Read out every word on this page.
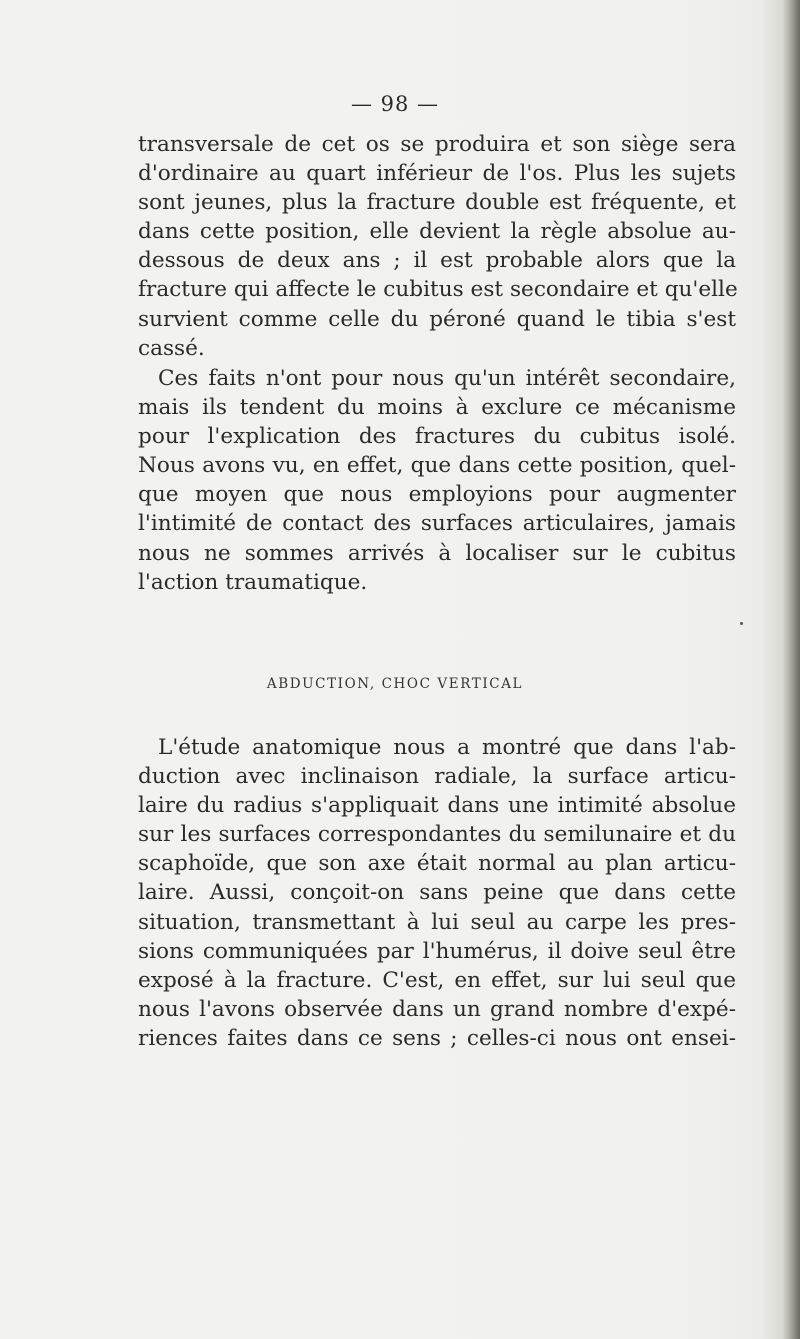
— 98 —
transversale de cet os se produira et son siège sera
d'ordinaire au quart inférieur de l'os. Plus les sujets
sont jeunes, plus la fracture double est fréquente, et
dans cette position, elle devient la règle absolue au-
dessous de deux ans ; il est probable alors que la
fracture qui affecte le cubitus est secondaire et qu'elle
survient comme celle du péroné quand le tibia s'est
cassé.
Ces faits n'ont pour nous qu'un intérêt secondaire,
mais ils tendent du moins à exclure ce mécanisme
pour l'explication des fractures du cubitus isolé.
Nous avons vu, en effet, que dans cette position, quel-
que moyen que nous employions pour augmenter
l'intimité de contact des surfaces articulaires, jamais
nous ne sommes arrivés à localiser sur le cubitus
l'action traumatique.
ABDUCTION, CHOC VERTICAL
L'étude anatomique nous a montré que dans l'ab-
duction avec inclinaison radiale, la surface articu-
laire du radius s'appliquait dans une intimité absolue
sur les surfaces correspondantes du semilunaire et du
scaphoïde, que son axe était normal au plan articu-
laire. Aussi, conçoit-on sans peine que dans cette
situation, transmettant à lui seul au carpe les pres-
sions communiquées par l'humérus, il doive seul être
exposé à la fracture. C'est, en effet, sur lui seul que
nous l'avons observée dans un grand nombre d'expé-
riences faites dans ce sens ; celles-ci nous ont ensei-
